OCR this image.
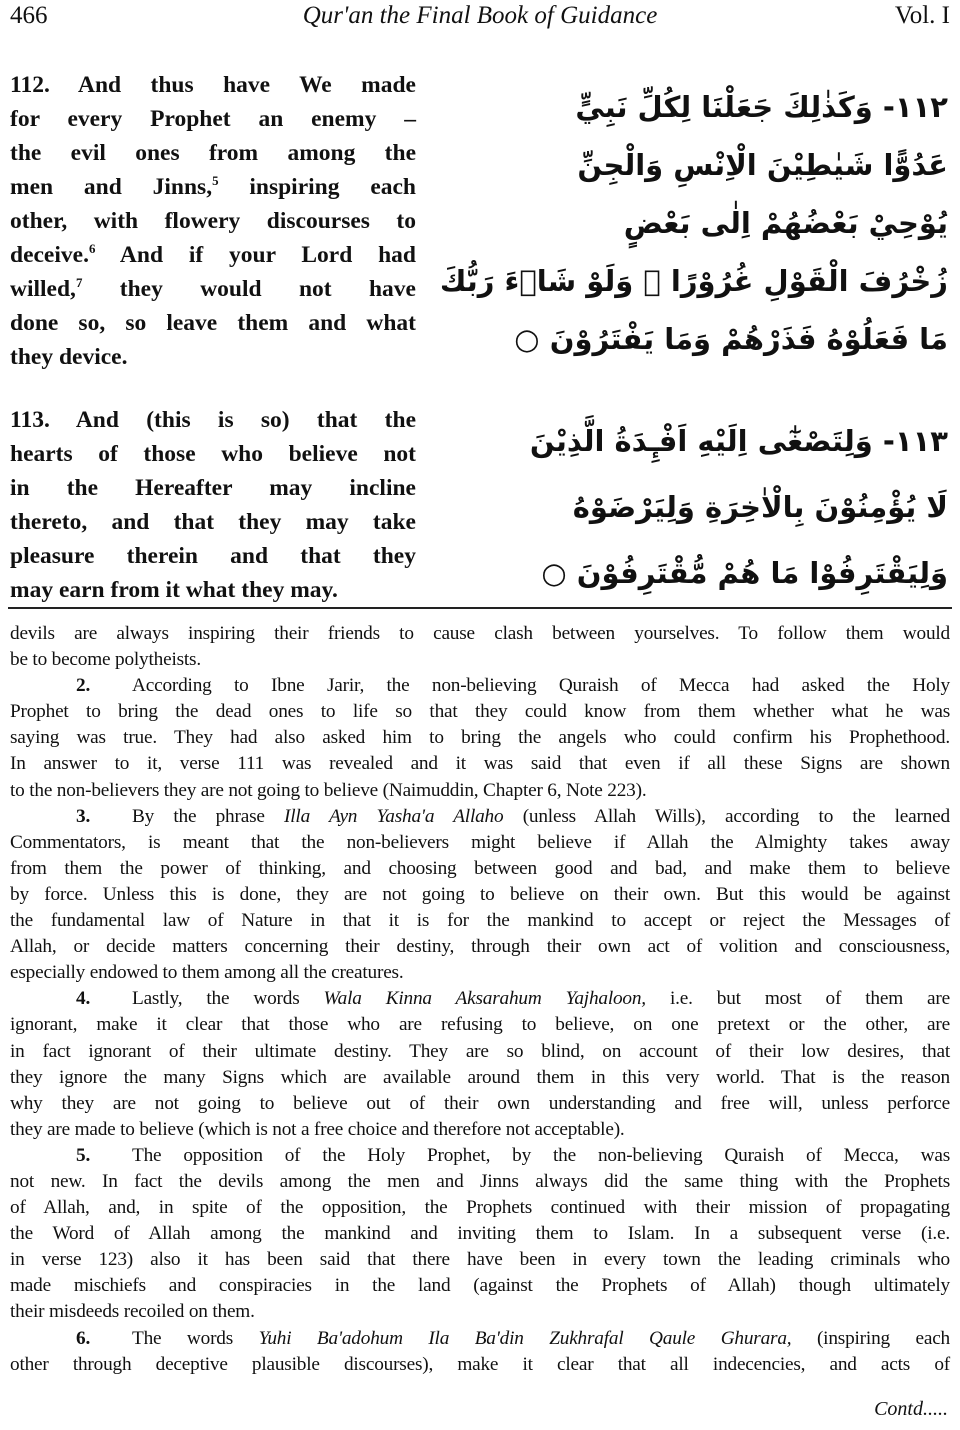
466	Qur'an the Final Book of Guidance	Vol. I
112. And thus have We made
for every Prophet an enemy –
the evil ones from among the
men and Jinns,$^5$ inspiring each
other, with flowery discourses to
deceive.$^6$ And if your Lord had
willed,$^7$ they would not have
done so, so leave them and what
they device.
113. And (this is so) that the
hearts of those who believe not
in the Hereafter may incline
thereto, and that they may take
pleasure therein and that they
may earn from it what they may.
١١٢- وَكَذٰلِكَ جَعَلْنَا لِكُلِّ نَبِيٍّ
عَدُوًّا شَيٰطِيْنَ الْاِنْسِ وَالْجِنِّ
يُوْحِيْ بَعْضُهُمْ اِلٰى بَعْضٍ
زُخْرُفَ الْقَوْلِ غُرُوْرًا ۭ وَلَوْ شَاۗءَ رَبُّكَ
مَا فَعَلُوْهُ فَذَرْهُمْ وَمَا يَفْتَرُوْنَ ○
١١٣- وَلِتَصْغٰٓى اِلَيْهِ اَفْـِٕدَةُ الَّذِيْنَ
لَا يُؤْمِنُوْنَ بِالْاٰخِرَةِ وَلِيَرْضَوْهُ
وَلِيَقْتَرِفُوْا مَا هُمْ مُّقْتَرِفُوْنَ ○
devils are always inspiring their friends to cause clash between yourselves. To follow them would
be to become polytheists.
2. According to Ibne Jarir, the non-believing Quraish of Mecca had asked the Holy
Prophet to bring the dead ones to life so that they could know from them whether what he was
saying was true. They had also asked him to bring the angels who could confirm his Prophethood.
In answer to it, verse 111 was revealed and it was said that even if all these Signs are shown
to the non-believers they are not going to believe (Naimuddin, Chapter 6, Note 223).
3. By the phrase Illa Ayn Yasha'a Allaho (unless Allah Wills), according to the learned
Commentators, is meant that the non-believers might believe if Allah the Almighty takes away
from them the power of thinking, and choosing between good and bad, and make them to believe
by force. Unless this is done, they are not going to believe on their own. But this would be against
the fundamental law of Nature in that it is for the mankind to accept or reject the Messages of
Allah, or decide matters concerning their destiny, through their own act of volition and consciousness,
especially endowed to them among all the creatures.
4. Lastly, the words Wala Kinna Aksarahum Yajhaloon, i.e. but most of them are
ignorant, make it clear that those who are refusing to believe, on one pretext or the other, are
in fact ignorant of their ultimate destiny. They are so blind, on account of their low desires, that
they ignore the many Signs which are available around them in this very world. That is the reason
why they are not going to believe out of their own understanding and free will, unless perforce
they are made to believe (which is not a free choice and therefore not acceptable).
5. The opposition of the Holy Prophet, by the non-believing Quraish of Mecca, was
not new. In fact the devils among the men and Jinns always did the same thing with the Prophets
of Allah, and, in spite of the opposition, the Prophets continued with their mission of propagating
the Word of Allah among the mankind and inviting them to Islam. In a subsequent verse (i.e.
in verse 123) also it has been said that there have been in every town the leading criminals who
made mischiefs and conspiracies in the land (against the Prophets of Allah) though ultimately
their misdeeds recoiled on them.
6. The words Yuhi Ba'adohum Ila Ba'din Zukhrafal Qaule Ghurara, (inspiring each
other through deceptive plausible discourses), make it clear that all indecencies, and acts of
Contd.....
